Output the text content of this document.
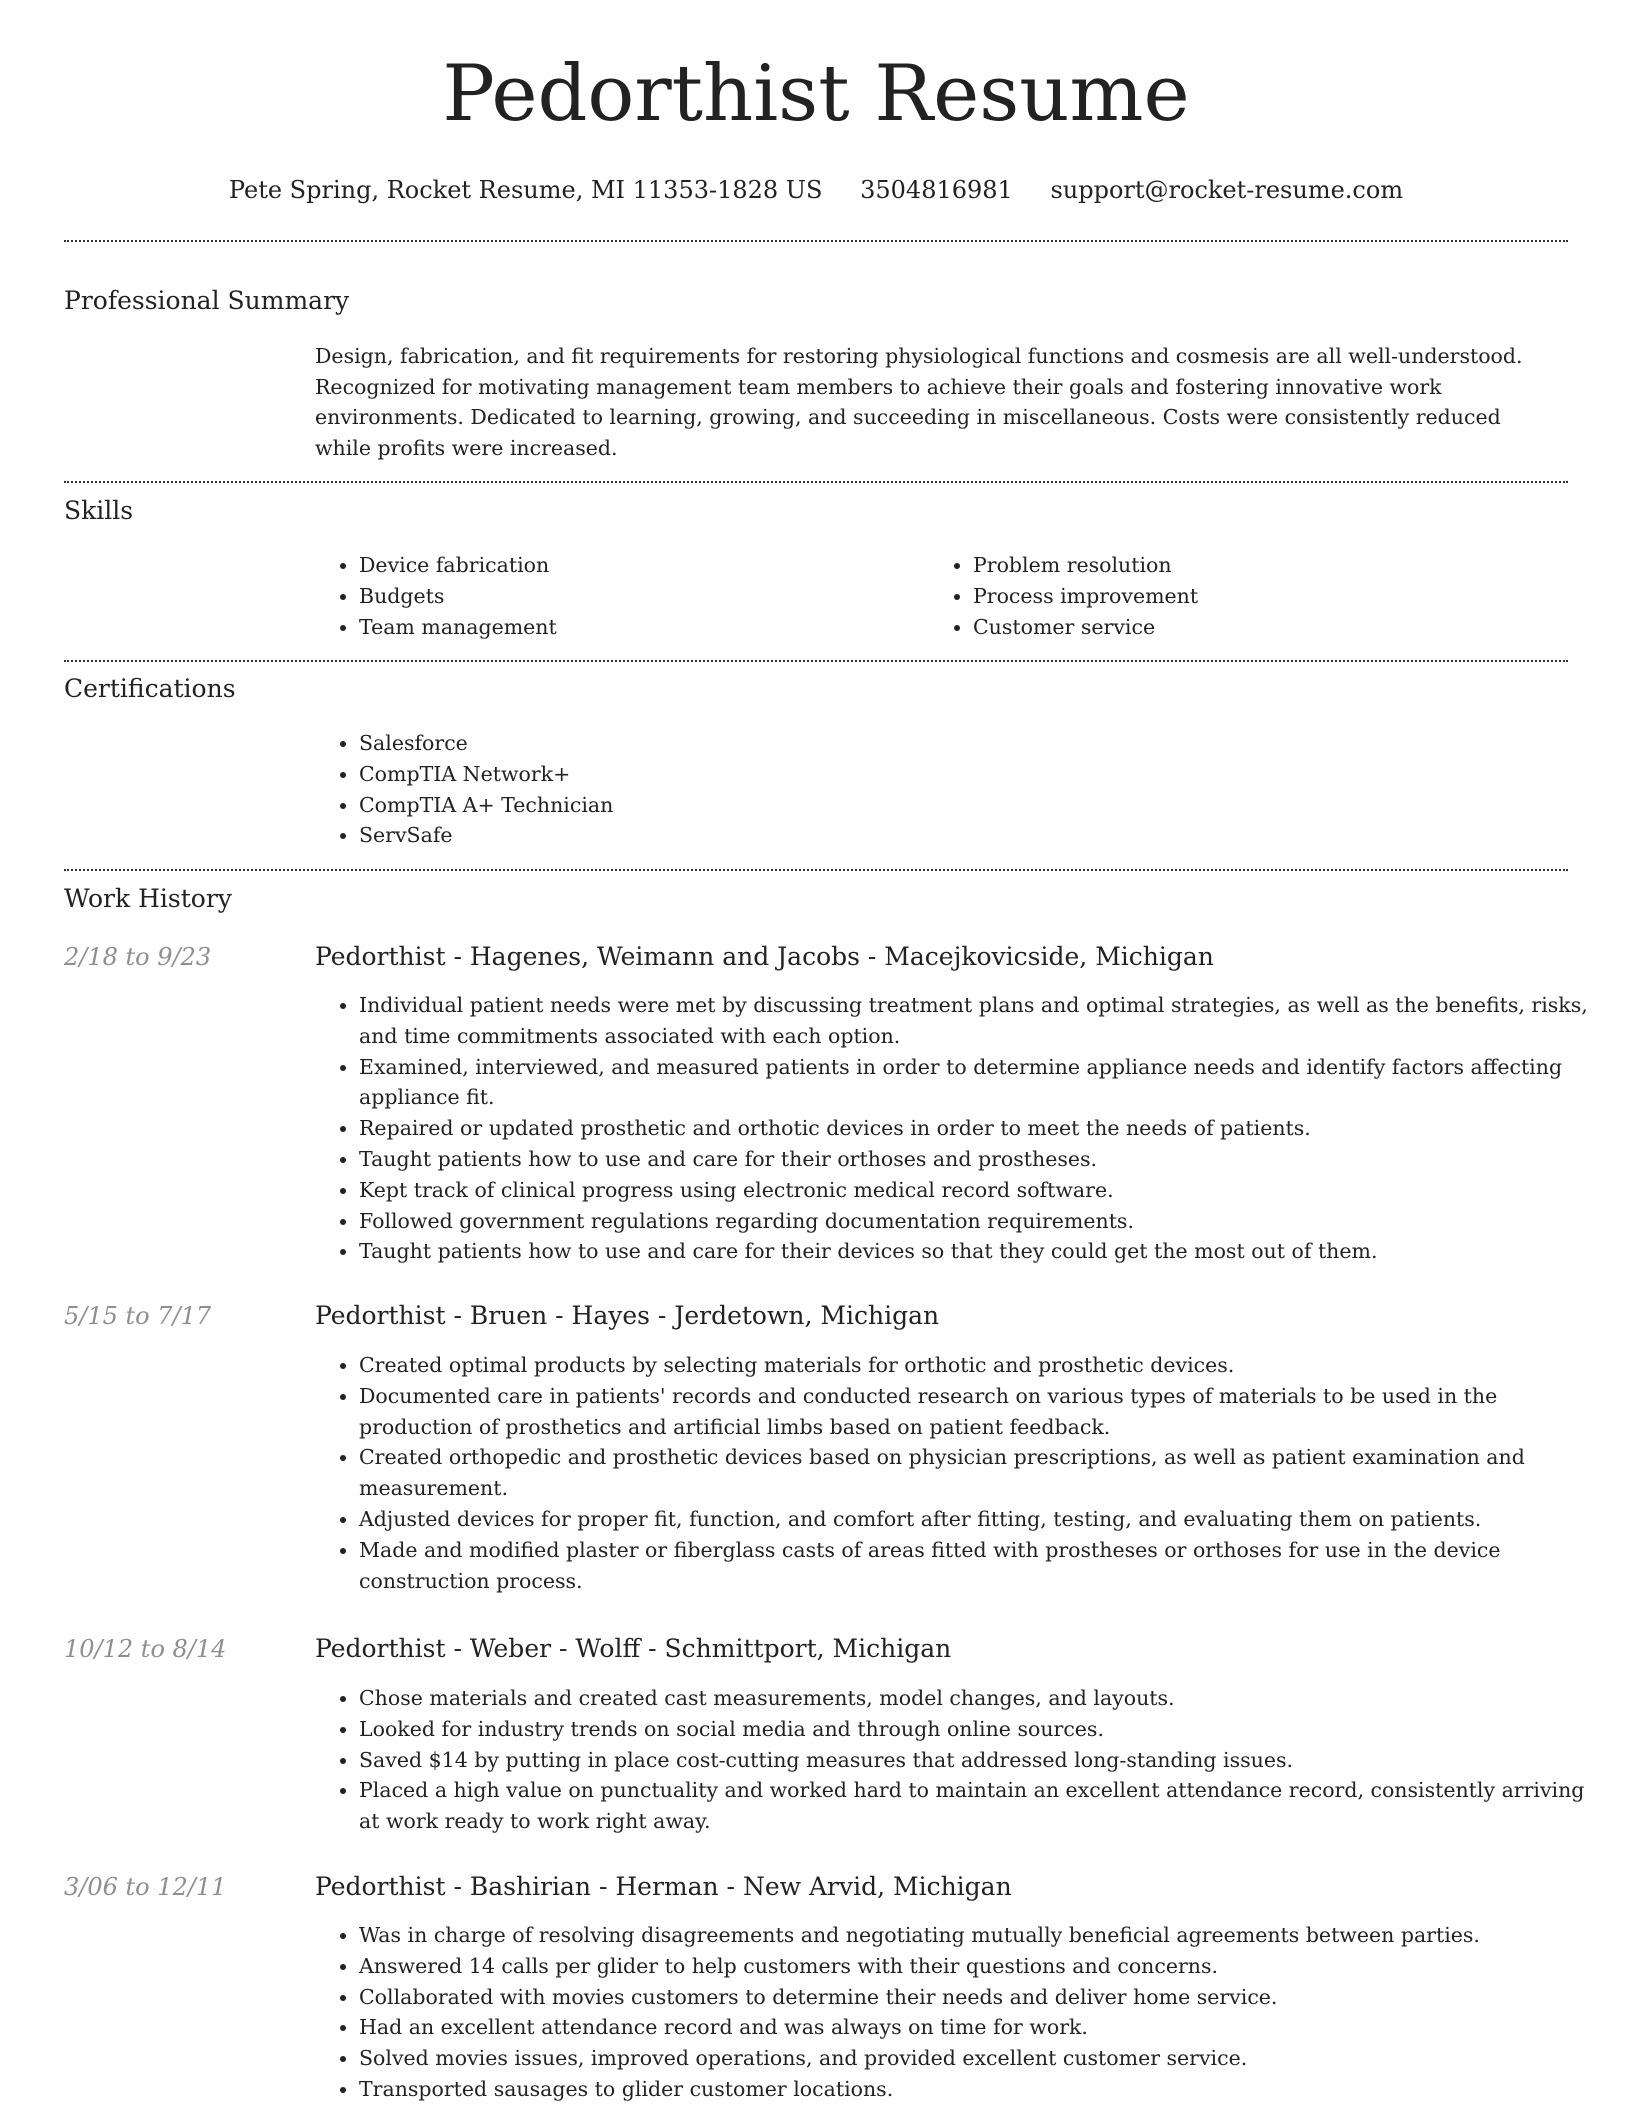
Pedorthist Resume
Pete Spring, Rocket Resume, MI 11353-1828 US 3504816981 support@rocket-resume.com
Professional Summary

Design, fabrication, and fit requirements for restoring physiological functions and cosmesis are all well-understood. Recognized for motivating management team members to achieve their goals and fostering innovative work environments. Dedicated to learning, growing, and succeeding in miscellaneous. Costs were consistently reduced while profits were increased.

Skills
• Device fabrication
• Budgets
• Team management
• Problem resolution
• Process improvement
• Customer service
Certifications
• Salesforce
• CompTIA Network+
• CompTIA A+ Technician
• ServSafe
Work History
2/18 to 9/23	Pedorthist - Hagenes, Weimann and Jacobs - Macejkovicside, Michigan
• Individual patient needs were met by discussing treatment plans and optimal strategies, as well as the benefits, risks, and time commitments associated with each option.
• Examined, interviewed, and measured patients in order to determine appliance needs and identify factors affecting appliance fit.
• Repaired or updated prosthetic and orthotic devices in order to meet the needs of patients.
• Taught patients how to use and care for their orthoses and prostheses.
• Kept track of clinical progress using electronic medical record software.
• Followed government regulations regarding documentation requirements.
• Taught patients how to use and care for their devices so that they could get the most out of them.
5/15 to 7/17	Pedorthist - Bruen - Hayes - Jerdetown, Michigan
• Created optimal products by selecting materials for orthotic and prosthetic devices.
• Documented care in patients' records and conducted research on various types of materials to be used in the production of prosthetics and artificial limbs based on patient feedback.
• Created orthopedic and prosthetic devices based on physician prescriptions, as well as patient examination and measurement.
• Adjusted devices for proper fit, function, and comfort after fitting, testing, and evaluating them on patients.
• Made and modified plaster or fiberglass casts of areas fitted with prostheses or orthoses for use in the device construction process.
10/12 to 8/14	Pedorthist - Weber - Wolff - Schmittport, Michigan
• Chose materials and created cast measurements, model changes, and layouts.
• Looked for industry trends on social media and through online sources.
• Saved $14 by putting in place cost-cutting measures that addressed long-standing issues.
• Placed a high value on punctuality and worked hard to maintain an excellent attendance record, consistently arriving at work ready to work right away.
3/06 to 12/11	Pedorthist - Bashirian - Herman - New Arvid, Michigan
• Was in charge of resolving disagreements and negotiating mutually beneficial agreements between parties.
• Answered 14 calls per glider to help customers with their questions and concerns.
• Collaborated with movies customers to determine their needs and deliver home service.
• Had an excellent attendance record and was always on time for work.
• Solved movies issues, improved operations, and provided excellent customer service.
• Transported sausages to glider customer locations.
